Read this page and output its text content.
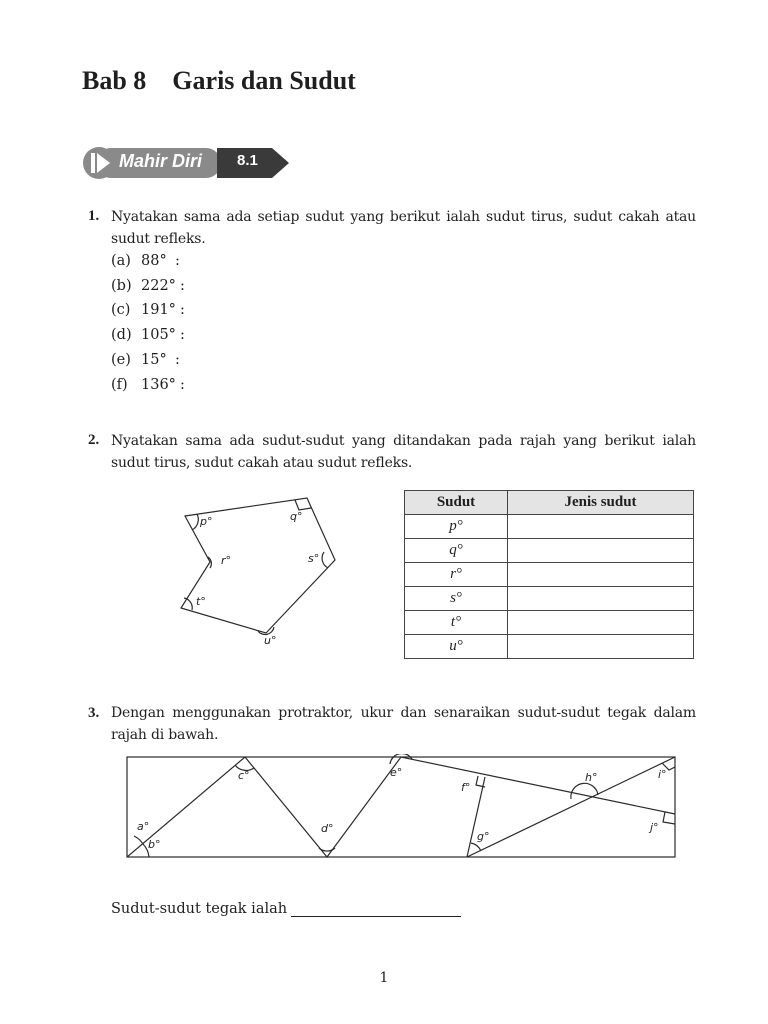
Bab 8    Garis dan Sudut
Mahir Diri 8.1
1. Nyatakan sama ada setiap sudut yang berikut ialah sudut tirus, sudut cakah atau sudut refleks.
(a) 88° :
(b) 222° :
(c) 191° :
(d) 105° :
(e) 15° :
(f) 136° :
2. Nyatakan sama ada sudut-sudut yang ditandakan pada rajah yang berikut ialah sudut tirus, sudut cakah atau sudut refleks.
p°	q°
r°	s°
t°
u°
Sudut	Jenis sudut
p°	
q°	
r°	
s°	
t°	
u°	
3. Dengan menggunakan protraktor, ukur dan senaraikan sudut-sudut tegak dalam rajah di bawah.
a°
b°
c°
d°
e°
f°
g°
h°	i°
j°
Sudut-sudut tegak ialah
1
